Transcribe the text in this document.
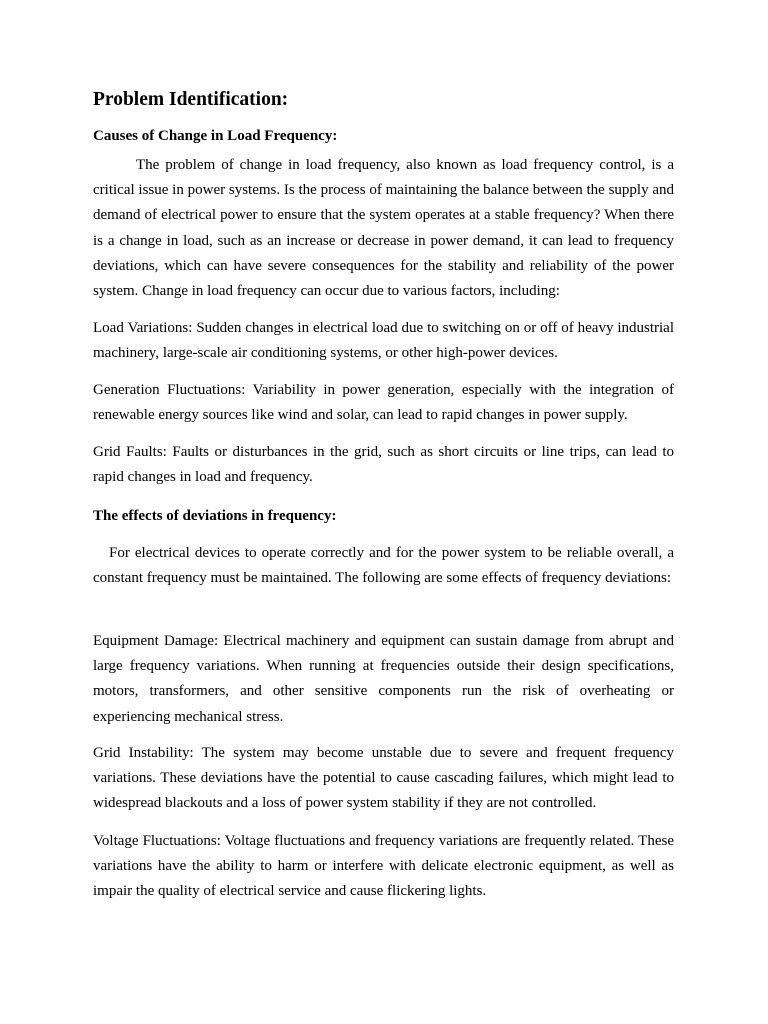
Problem Identification:
Causes of Change in Load Frequency:

The problem of change in load frequency, also known as load frequency control, is a critical issue in power systems. Is the process of maintaining the balance between the supply and demand of electrical power to ensure that the system operates at a stable frequency? When there is a change in load, such as an increase or decrease in power demand, it can lead to frequency deviations, which can have severe consequences for the stability and reliability of the power system. Change in load frequency can occur due to various factors, including:

Load Variations: Sudden changes in electrical load due to switching on or off of heavy industrial machinery, large-scale air conditioning systems, or other high-power devices.

Generation Fluctuations: Variability in power generation, especially with the integration of renewable energy sources like wind and solar, can lead to rapid changes in power supply.

Grid Faults: Faults or disturbances in the grid, such as short circuits or line trips, can lead to rapid changes in load and frequency.

The effects of deviations in frequency:

For electrical devices to operate correctly and for the power system to be reliable overall, a constant frequency must be maintained. The following are some effects of frequency deviations:

Equipment Damage: Electrical machinery and equipment can sustain damage from abrupt and large frequency variations. When running at frequencies outside their design specifications, motors, transformers, and other sensitive components run the risk of overheating or experiencing mechanical stress.

Grid Instability: The system may become unstable due to severe and frequent frequency variations. These deviations have the potential to cause cascading failures, which might lead to widespread blackouts and a loss of power system stability if they are not controlled.

Voltage Fluctuations: Voltage fluctuations and frequency variations are frequently related. These variations have the ability to harm or interfere with delicate electronic equipment, as well as impair the quality of electrical service and cause flickering lights.
